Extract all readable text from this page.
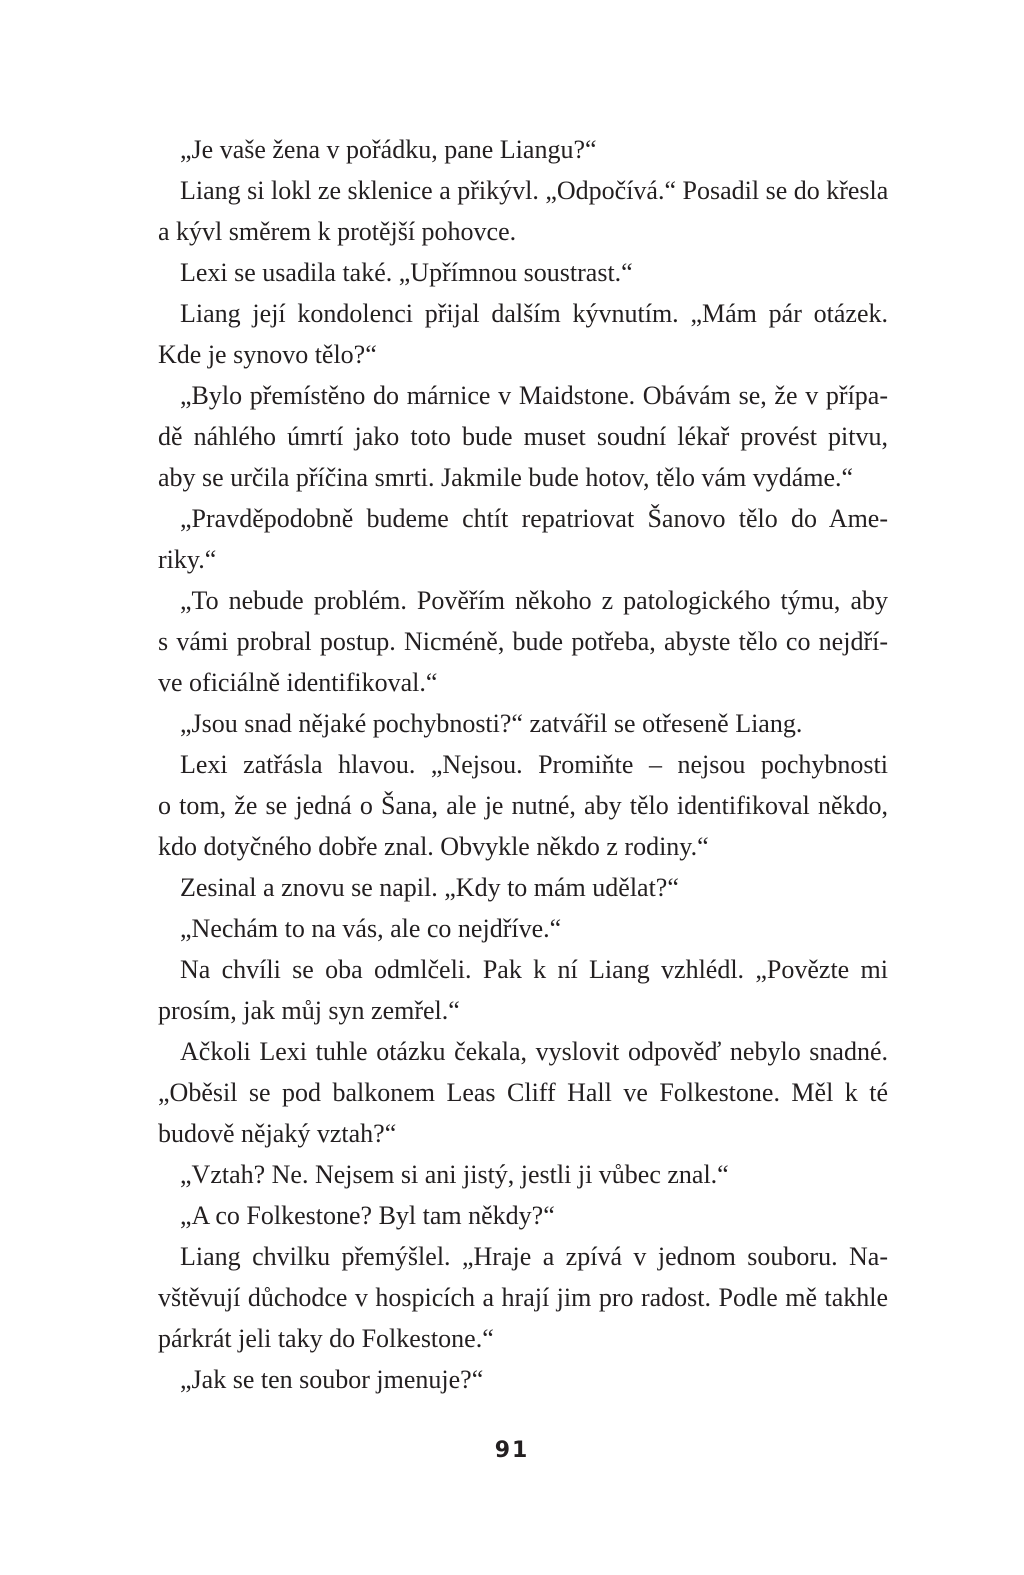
„Je vaše žena v pořádku, pane Liangu?“
Liang si lokl ze sklenice a přikývl. „Odpočívá.“ Posadil se do křesla
a kývl směrem k protější pohovce.
Lexi se usadila také. „Upřímnou soustrast.“
Liang její kondolenci přijal dalším kývnutím. „Mám pár otázek.
Kde je synovo tělo?“
„Bylo přemístěno do márnice v Maidstone. Obávám se, že v přípa-
dě náhlého úmrtí jako toto bude muset soudní lékař provést pitvu,
aby se určila příčina smrti. Jakmile bude hotov, tělo vám vydáme.“
„Pravděpodobně budeme chtít repatriovat Šanovo tělo do Ame-
riky.“
„To nebude problém. Pověřím někoho z patologického týmu, aby
s vámi probral postup. Nicméně, bude potřeba, abyste tělo co nejdří-
ve oficiálně identifikoval.“
„Jsou snad nějaké pochybnosti?“ zatvářil se otřeseně Liang.
Lexi zatřásla hlavou. „Nejsou. Promiňte – nejsou pochybnosti
o tom, že se jedná o Šana, ale je nutné, aby tělo identifikoval někdo,
kdo dotyčného dobře znal. Obvykle někdo z rodiny.“
Zesinal a znovu se napil. „Kdy to mám udělat?“
„Nechám to na vás, ale co nejdříve.“
Na chvíli se oba odmlčeli. Pak k ní Liang vzhlédl. „Povězte mi
prosím, jak můj syn zemřel.“
Ačkoli Lexi tuhle otázku čekala, vyslovit odpověď nebylo snadné.
„Oběsil se pod balkonem Leas Cliff Hall ve Folkestone. Měl k té
budově nějaký vztah?“
„Vztah? Ne. Nejsem si ani jistý, jestli ji vůbec znal.“
„A co Folkestone? Byl tam někdy?“
Liang chvilku přemýšlel. „Hraje a zpívá v jednom souboru. Na-
vštěvují důchodce v hospicích a hrají jim pro radost. Podle mě takhle
párkrát jeli taky do Folkestone.“
„Jak se ten soubor jmenuje?“
91
